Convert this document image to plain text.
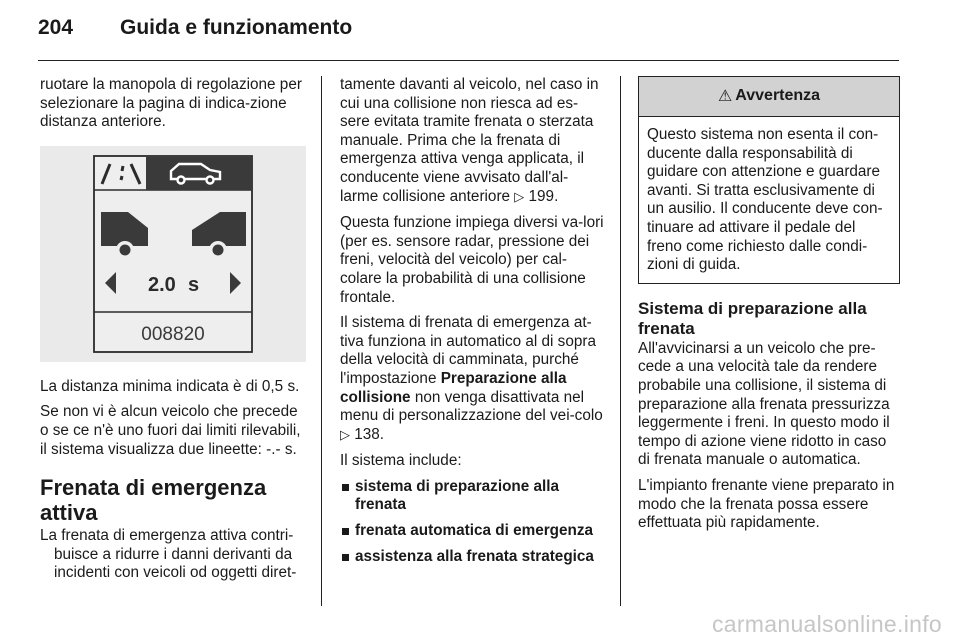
204 Guida e funzionamento

ruotare la manopola di regolazione per selezionare la pagina di indica-zione distanza anteriore.

2.0 s
008820

La distanza minima indicata è di 0,5 s.

Se non vi è alcun veicolo che precede o se ce n'è uno fuori dai limiti rilevabili, il sistema visualizza due lineette: -.- s.

Frenata di emergenza attiva

La frenata di emergenza attiva contri-buisce a ridurre i danni derivanti da incidenti con veicoli od oggetti diret-

tamente davanti al veicolo, nel caso in cui una collisione non riesca ad es-sere evitata tramite frenata o sterzata manuale. Prima che la frenata di emergenza attiva venga applicata, il conducente viene avvisato dall'al-larme collisione anteriore ▷ 199.

Questa funzione impiega diversi va-lori (per es. sensore radar, pressione dei freni, velocità del veicolo) per cal-colare la probabilità di una collisione frontale.

Il sistema di frenata di emergenza at-tiva funziona in automatico al di sopra della velocità di camminata, purché l'impostazione Preparazione alla collisione non venga disattivata nel menu di personalizzazione del vei-colo ▷ 138.

Il sistema include:

sistema di preparazione alla frenata
frenata automatica di emergenza
assistenza alla frenata strategica
⚠ Avvertenza
Questo sistema non esenta il con-ducente dalla responsabilità di guidare con attenzione e guardare avanti. Si tratta esclusivamente di un ausilio. Il conducente deve con-tinuare ad attivare il pedale del freno come richiesto dalle condi-zioni di guida.
Sistema di preparazione alla frenata

All'avvicinarsi a un veicolo che pre-cede a una velocità tale da rendere probabile una collisione, il sistema di preparazione alla frenata pressurizza leggermente i freni. In questo modo il tempo di azione viene ridotto in caso di frenata manuale o automatica.

L'impianto frenante viene preparato in modo che la frenata possa essere effettuata più rapidamente.

carmanualsonline.info
